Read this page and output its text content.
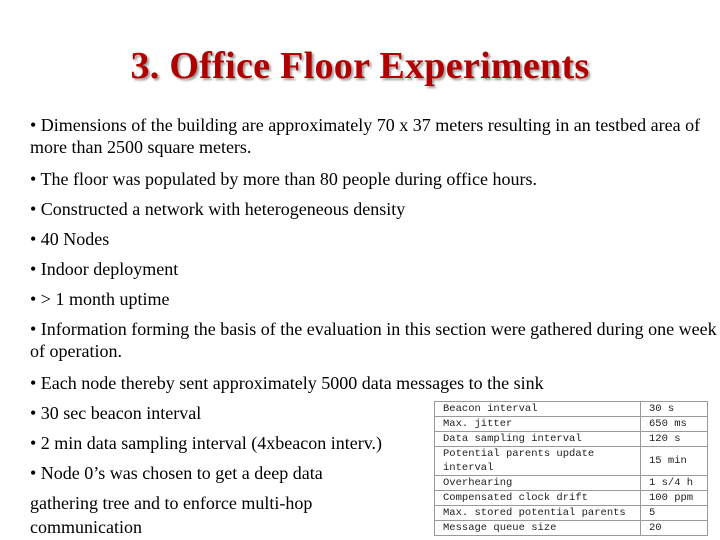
3. Office Floor Experiments
• Dimensions of the building are approximately 70 x 37 meters resulting in an testbed area of more than 2500 square meters.
• The floor was populated by more than 80 people during office hours.
• Constructed a network with heterogeneous density
• 40 Nodes
• Indoor deployment
• > 1 month uptime
• Information forming the basis of the evaluation in this section were gathered during one week of operation.
• Each node thereby sent approximately 5000 data messages to the sink
• 30 sec beacon interval
• 2 min data sampling interval (4xbeacon interv.)
• Node 0’s was chosen to get a deep data
gathering tree and to enforce multi-hop
communication
Beacon interval	30 s
Max. jitter	650 ms
Data sampling interval	120 s
Potential parents update interval	15 min
Overhearing	1 s/4 h
Compensated clock drift	100 ppm
Max. stored potential parents	5
Message queue size	20
